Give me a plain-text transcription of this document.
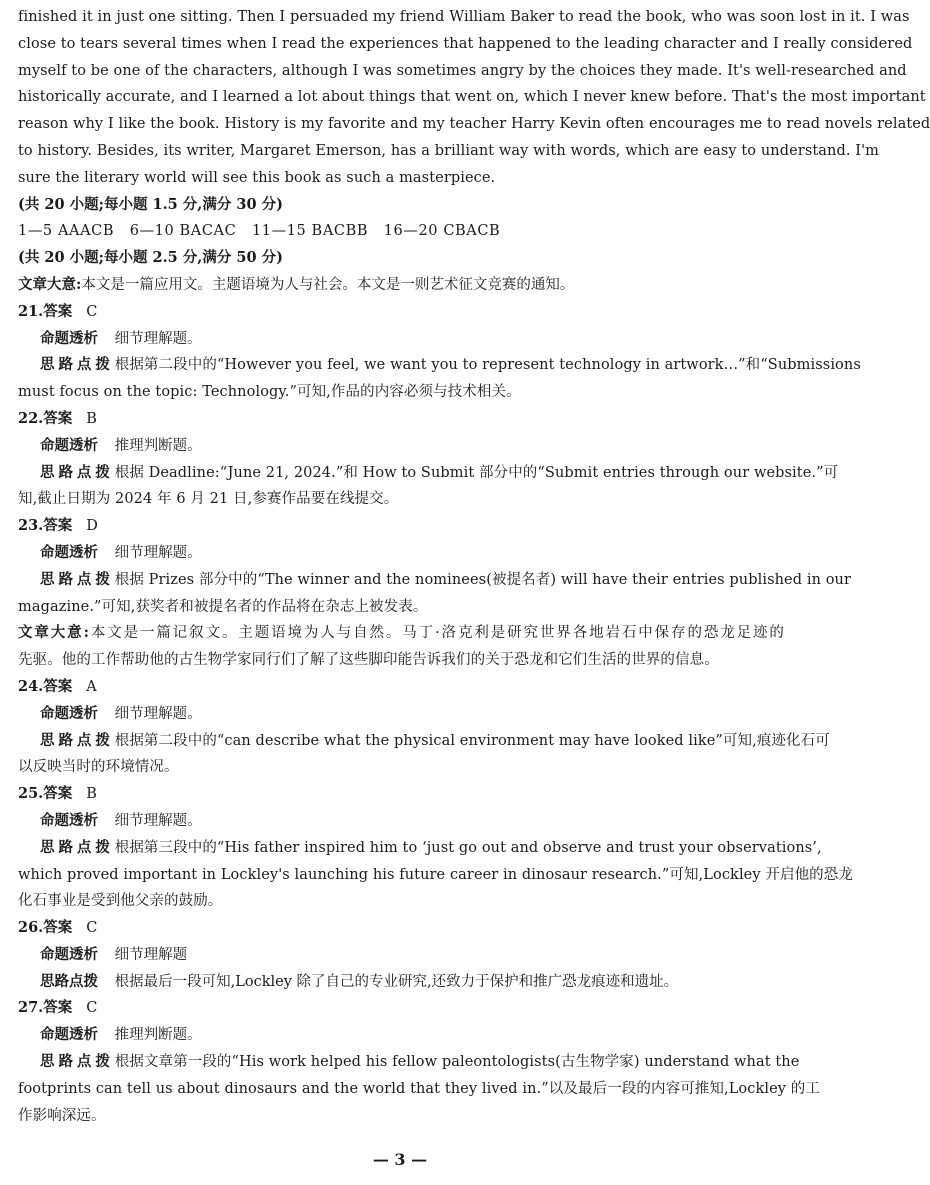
finished it in just one sitting. Then I persuaded my friend William Baker to read the book, who was soon lost in it. I was

close to tears several times when I read the experiences that happened to the leading character and I really considered

myself to be one of the characters, although I was sometimes angry by the choices they made. It's well-researched and

historically accurate, and I learned a lot about things that went on, which I never knew before. That's the most important

reason why I like the book. History is my favorite and my teacher Harry Kevin often encourages me to read novels related

to history. Besides, its writer, Margaret Emerson, has a brilliant way with words, which are easy to understand. I'm

sure the literary world will see this book as such a masterpiece.

(共 20 小题;每小题 1.5 分,满分 30 分)

1—5 AAACB   6—10 BACAC   11—15 BACBB   16—20 CBACB

(共 20 小题;每小题 2.5 分,满分 50 分)

文章大意:本文是一篇应用文。主题语境为人与社会。本文是一则艺术征文竞赛的通知。

21.答案 C

命题透析 细节理解题。

思路点拨 根据第二段中的“However you feel, we want you to represent technology in artwork…”和“Submissions

must focus on the topic: Technology.”可知,作品的内容必须与技术相关。

22.答案 B

命题透析 推理判断题。

思路点拨 根据 Deadline:“June 21, 2024.”和 How to Submit 部分中的“Submit entries through our website.”可

知,截止日期为 2024 年 6 月 21 日,参赛作品要在线提交。

23.答案 D

命题透析 细节理解题。

思路点拨 根据 Prizes 部分中的“The winner and the nominees(被提名者) will have their entries published in our

magazine.”可知,获奖者和被提名者的作品将在杂志上被发表。

文章大意:本文是一篇记叙文。主题语境为人与自然。马丁·洛克利是研究世界各地岩石中保存的恐龙足迹的

先驱。他的工作帮助他的古生物学家同行们了解了这些脚印能告诉我们的关于恐龙和它们生活的世界的信息。

24.答案 A

命题透析 细节理解题。

思路点拨 根据第二段中的“can describe what the physical environment may have looked like”可知,痕迹化石可

以反映当时的环境情况。

25.答案 B

命题透析 细节理解题。

思路点拨 根据第三段中的“His father inspired him to ‘just go out and observe and trust your observations’,

which proved important in Lockley's launching his future career in dinosaur research.”可知,Lockley 开启他的恐龙

化石事业是受到他父亲的鼓励。

26.答案 C

命题透析 细节理解题

思路点拨 根据最后一段可知,Lockley 除了自己的专业研究,还致力于保护和推广恐龙痕迹和遗址。

27.答案 C

命题透析 推理判断题。

思路点拨 根据文章第一段的“His work helped his fellow paleontologists(古生物学家) understand what the

footprints can tell us about dinosaurs and the world that they lived in.”以及最后一段的内容可推知,Lockley 的工

作影响深远。

— 3 —
